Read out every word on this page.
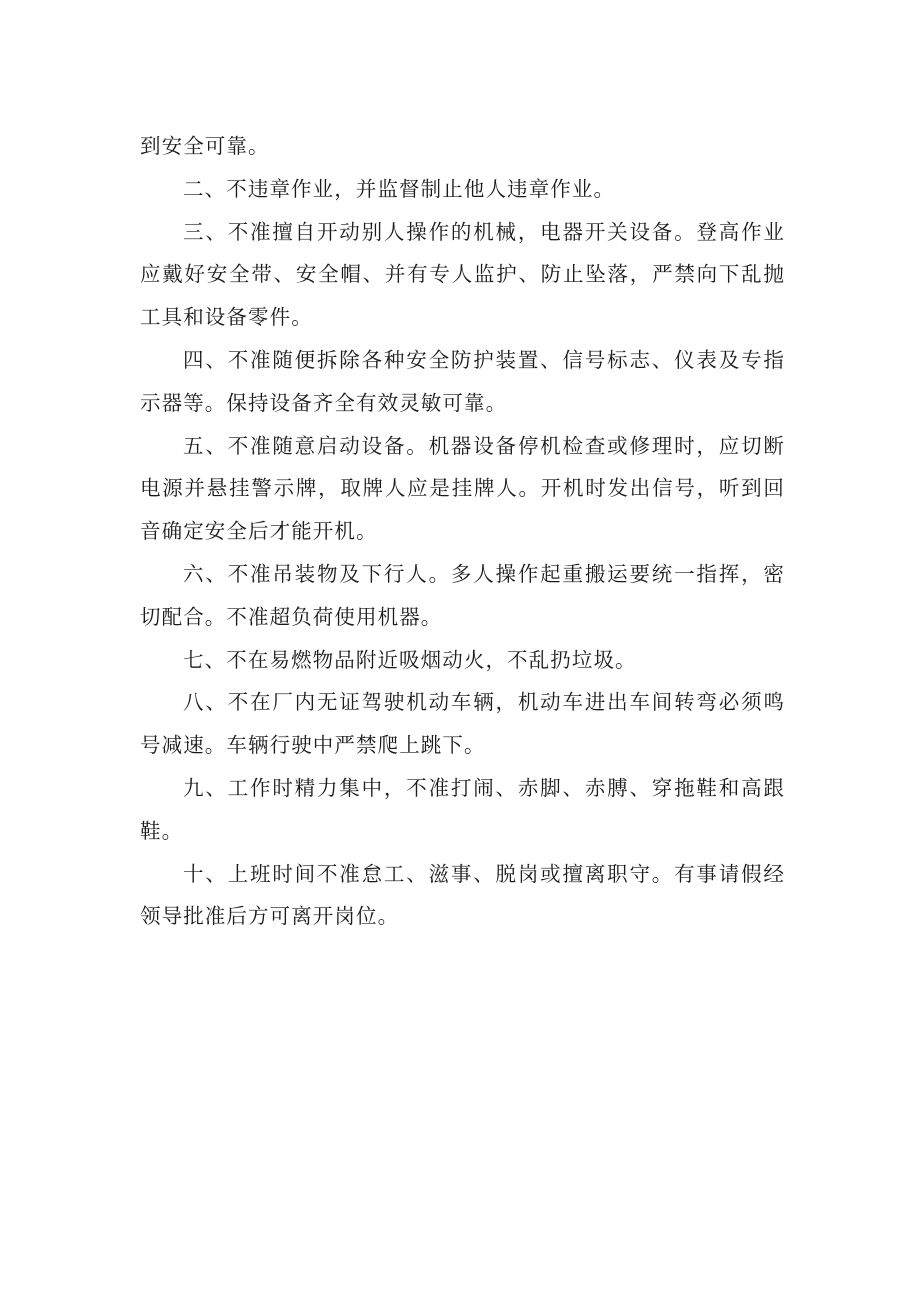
到安全可靠。

二、不违章作业，并监督制止他人违章作业。

三、不准擅自开动别人操作的机械，电器开关设备。登高作业应戴好安全带、安全帽、并有专人监护、防止坠落，严禁向下乱抛工具和设备零件。

四、不准随便拆除各种安全防护装置、信号标志、仪表及专指示器等。保持设备齐全有效灵敏可靠。

五、不准随意启动设备。机器设备停机检查或修理时，应切断电源并悬挂警示牌，取牌人应是挂牌人。开机时发出信号，听到回音确定安全后才能开机。

六、不准吊装物及下行人。多人操作起重搬运要统一指挥，密切配合。不准超负荷使用机器。

七、不在易燃物品附近吸烟动火，不乱扔垃圾。

八、不在厂内无证驾驶机动车辆，机动车进出车间转弯必须鸣号减速。车辆行驶中严禁爬上跳下。

九、工作时精力集中，不准打闹、赤脚、赤膊、穿拖鞋和高跟鞋。

十、上班时间不准怠工、滋事、脱岗或擅离职守。有事请假经领导批准后方可离开岗位。
